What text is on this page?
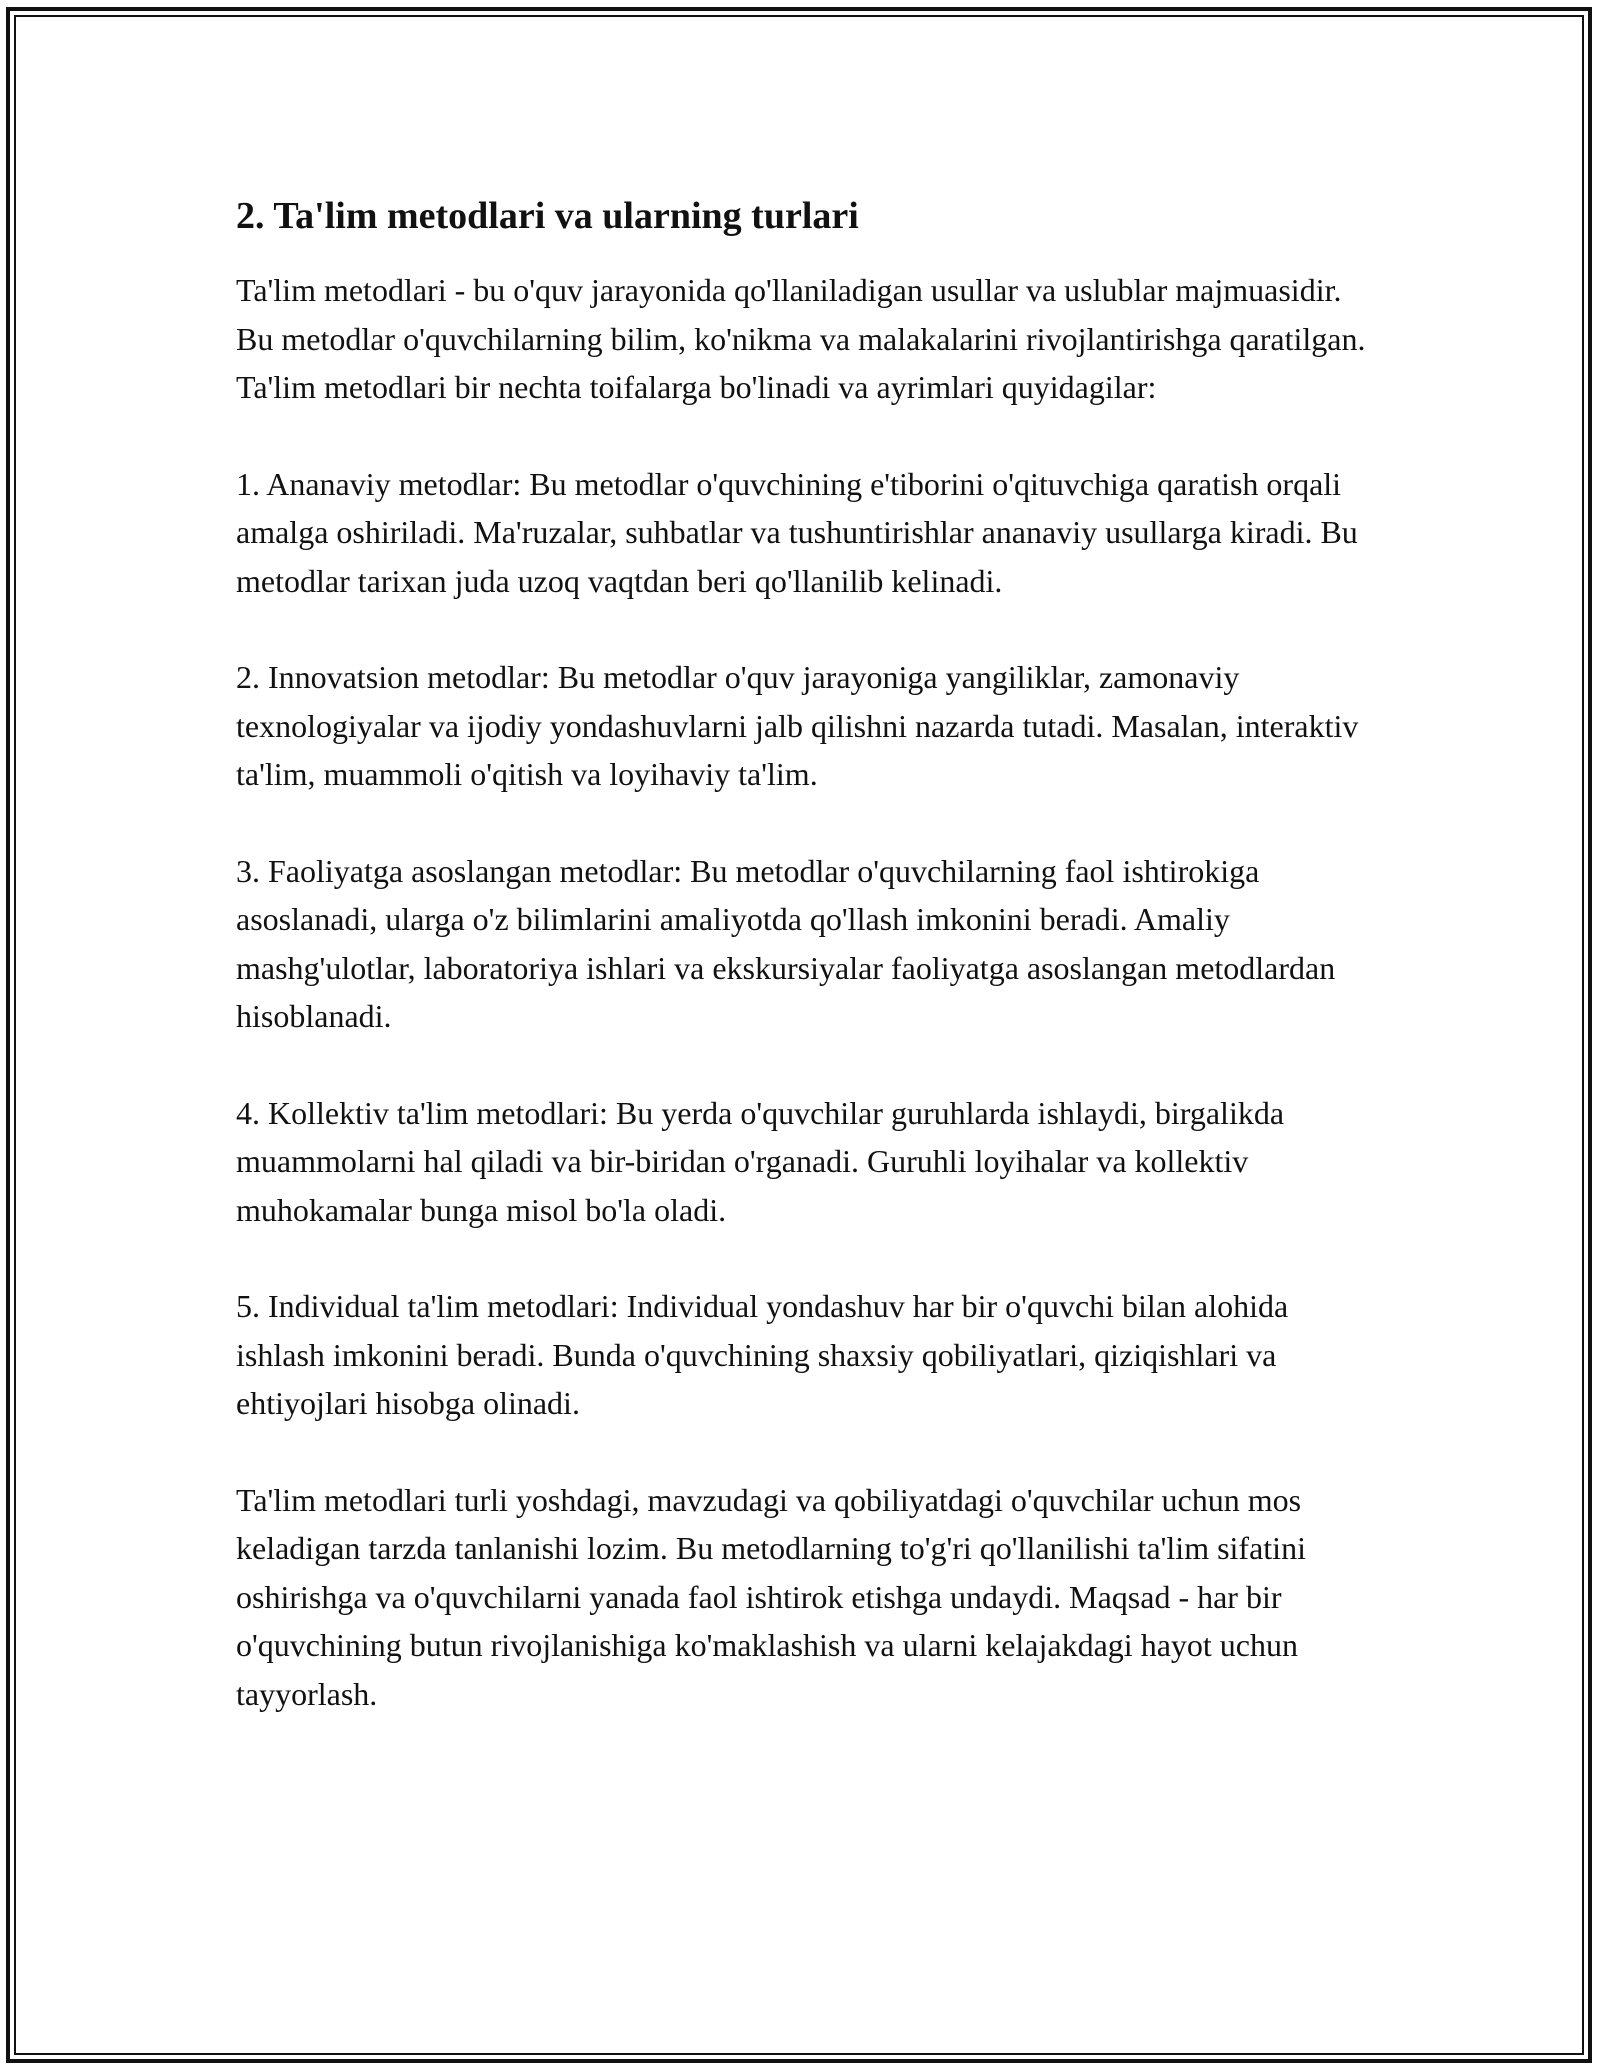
2. Ta'lim metodlari va ularning turlari

Ta'lim metodlari - bu o'quv jarayonida qo'llaniladigan usullar va uslublar majmuasidir. Bu metodlar o'quvchilarning bilim, ko'nikma va malakalarini rivojlantirishga qaratilgan. Ta'lim metodlari bir nechta toifalarga bo'linadi va ayrimlari quyidagilar:

1. Ananaviy metodlar: Bu metodlar o'quvchining e'tiborini o'qituvchiga qaratish orqali amalga oshiriladi. Ma'ruzalar, suhbatlar va tushuntirishlar ananaviy usullarga kiradi. Bu metodlar tarixan juda uzoq vaqtdan beri qo'llanilib kelinadi.

2. Innovatsion metodlar: Bu metodlar o'quv jarayoniga yangiliklar, zamonaviy texnologiyalar va ijodiy yondashuvlarni jalb qilishni nazarda tutadi. Masalan, interaktiv ta'lim, muammoli o'qitish va loyihaviy ta'lim.

3. Faoliyatga asoslangan metodlar: Bu metodlar o'quvchilarning faol ishtirokiga asoslanadi, ularga o'z bilimlarini amaliyotda qo'llash imkonini beradi. Amaliy mashg'ulotlar, laboratoriya ishlari va ekskursiyalar faoliyatga asoslangan metodlardan hisoblanadi.

4. Kollektiv ta'lim metodlari: Bu yerda o'quvchilar guruhlarda ishlaydi, birgalikda muammolarni hal qiladi va bir-biridan o'rganadi. Guruhli loyihalar va kollektiv muhokamalar bunga misol bo'la oladi.

5. Individual ta'lim metodlari: Individual yondashuv har bir o'quvchi bilan alohida ishlash imkonini beradi. Bunda o'quvchining shaxsiy qobiliyatlari, qiziqishlari va ehtiyojlari hisobga olinadi.

Ta'lim metodlari turli yoshdagi, mavzudagi va qobiliyatdagi o'quvchilar uchun mos keladigan tarzda tanlanishi lozim. Bu metodlarning to'g'ri qo'llanilishi ta'lim sifatini oshirishga va o'quvchilarni yanada faol ishtirok etishga undaydi. Maqsad - har bir o'quvchining butun rivojlanishiga ko'maklashish va ularni kelajakdagi hayot uchun tayyorlash.
